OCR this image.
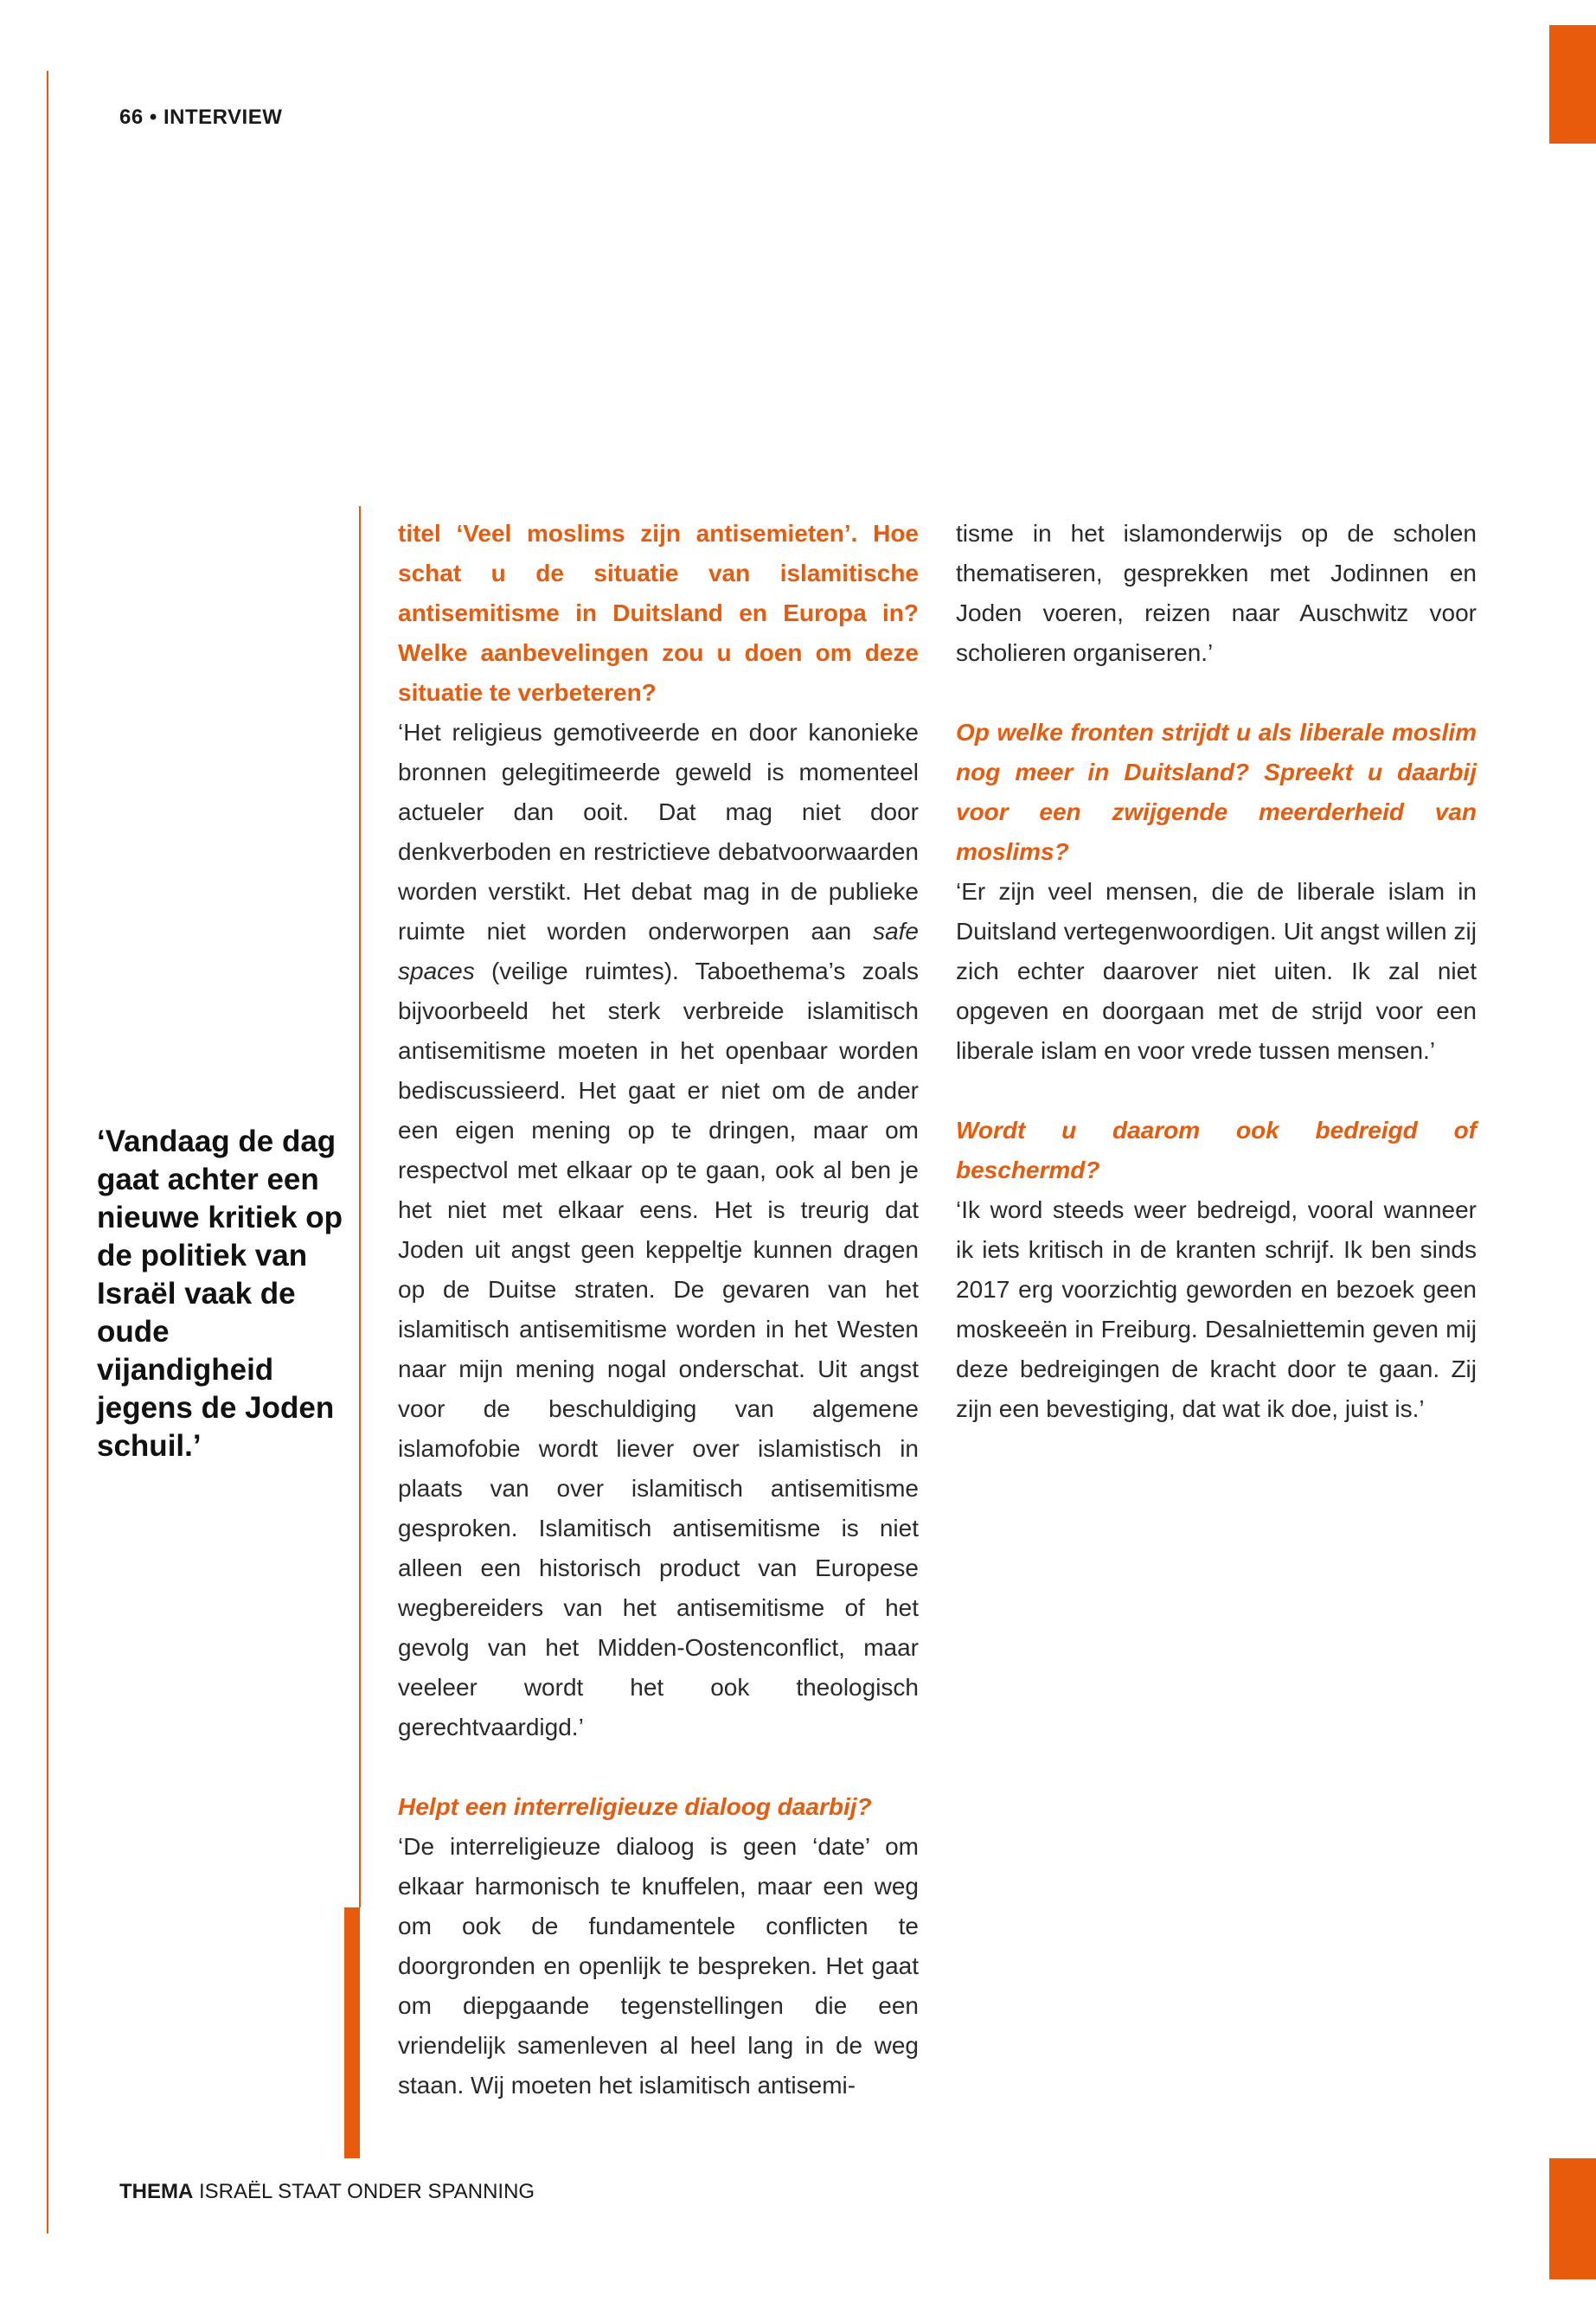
66 • INTERVIEW
‘Vandaag de dag gaat achter een nieuwe kritiek op de politiek van Israël vaak de oude vijandigheid jegens de Joden schuil.’

titel ‘Veel moslims zijn antisemieten’. Hoe schat u de situatie van islamitische antisemitisme in Duitsland en Europa in? Welke aanbevelingen zou u doen om deze situatie te verbeteren?

‘Het religieus gemotiveerde en door kanonieke bronnen gelegitimeerde geweld is momenteel actueler dan ooit. Dat mag niet door denkverboden en restrictieve debatvoorwaarden worden verstikt. Het debat mag in de publieke ruimte niet worden onderworpen aan safe spaces (veilige ruimtes). Taboethema’s zoals bijvoorbeeld het sterk verbreide islamitisch antisemitisme moeten in het openbaar worden bediscussieerd. Het gaat er niet om de ander een eigen mening op te dringen, maar om respectvol met elkaar op te gaan, ook al ben je het niet met elkaar eens. Het is treurig dat Joden uit angst geen keppeltje kunnen dragen op de Duitse straten. De gevaren van het islamitisch antisemitisme worden in het Westen naar mijn mening nogal onderschat. Uit angst voor de beschuldiging van algemene islamofobie wordt liever over islamistisch in plaats van over islamitisch antisemitisme gesproken. Islamitisch antisemitisme is niet alleen een historisch product van Europese wegbereiders van het antisemitisme of het gevolg van het Midden-Oostenconflict, maar veeleer wordt het ook theologisch gerechtvaardigd.’

Helpt een interreligieuze dialoog daarbij?

‘De interreligieuze dialoog is geen ‘date’ om elkaar harmonisch te knuffelen, maar een weg om ook de fundamentele conflicten te doorgronden en openlijk te bespreken. Het gaat om diepgaande tegenstellingen die een vriendelijk samenleven al heel lang in de weg staan. Wij moeten het islamitisch antisemi-

tisme in het islamonderwijs op de scholen thematiseren, gesprekken met Jodinnen en Joden voeren, reizen naar Auschwitz voor scholieren organiseren.’

Op welke fronten strijdt u als liberale moslim nog meer in Duitsland? Spreekt u daarbij voor een zwijgende meerderheid van moslims?

‘Er zijn veel mensen, die de liberale islam in Duitsland vertegenwoordigen. Uit angst willen zij zich echter daarover niet uiten. Ik zal niet opgeven en doorgaan met de strijd voor een liberale islam en voor vrede tussen mensen.’

Wordt u daarom ook bedreigd of beschermd?

‘Ik word steeds weer bedreigd, vooral wanneer ik iets kritisch in de kranten schrijf. Ik ben sinds 2017 erg voorzichtig geworden en bezoek geen moskeeën in Freiburg. Desalniettemin geven mij deze bedreigingen de kracht door te gaan. Zij zijn een bevestiging, dat wat ik doe, juist is.’

THEMA ISRAËL STAAT ONDER SPANNING
